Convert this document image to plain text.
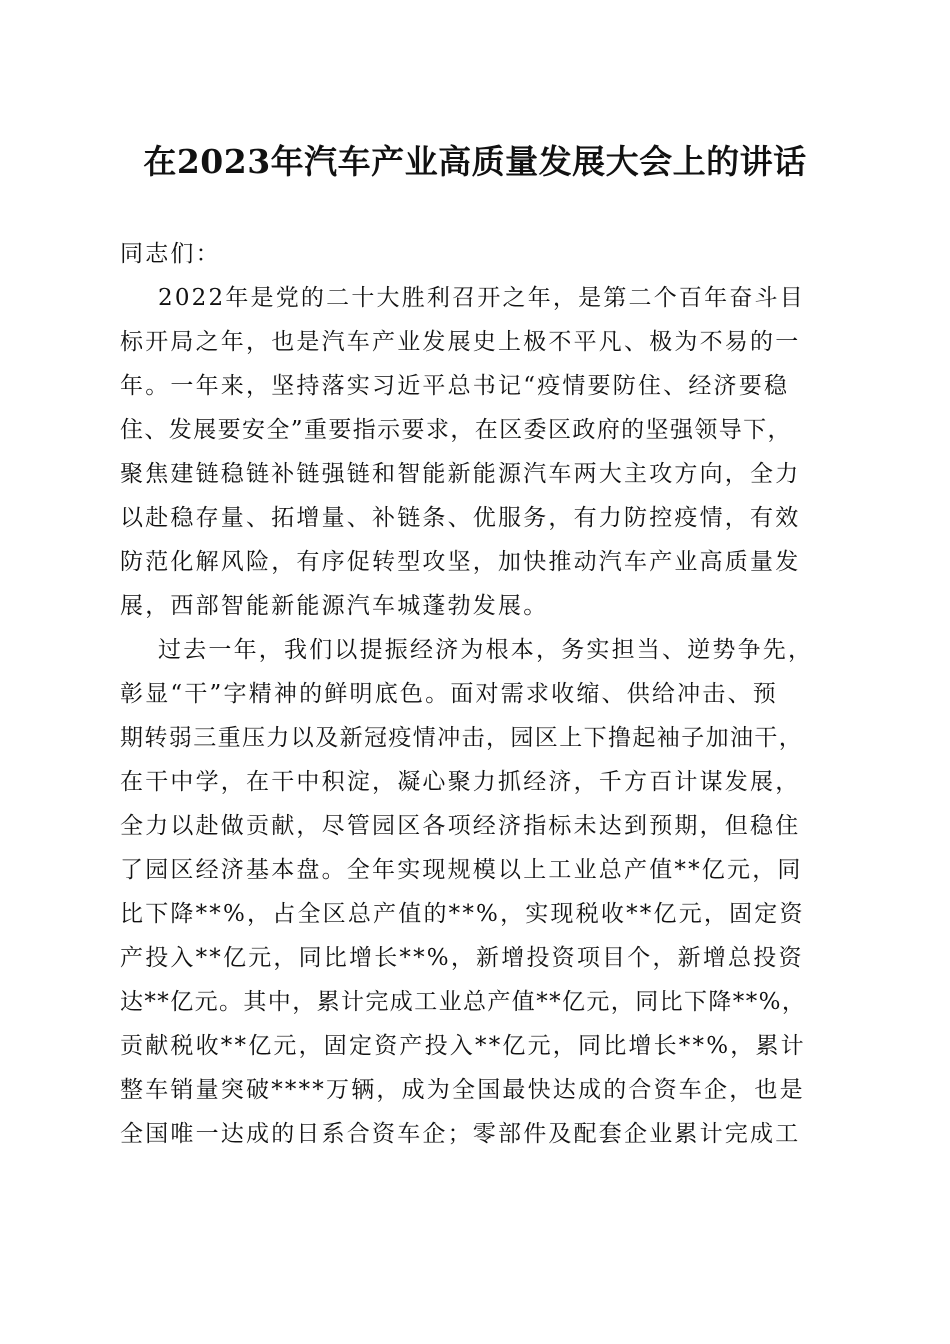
在2023年汽车产业高质量发展大会上的讲话
同志们：
2022年是党的二十大胜利召开之年，是第二个百年奋斗目
标开局之年，也是汽车产业发展史上极不平凡、极为不易的一
年。一年来，坚持落实习近平总书记“疫情要防住、经济要稳
住、发展要安全”重要指示要求，在区委区政府的坚强领导下，
聚焦建链稳链补链强链和智能新能源汽车两大主攻方向，全力
以赴稳存量、拓增量、补链条、优服务，有力防控疫情，有效
防范化解风险，有序促转型攻坚，加快推动汽车产业高质量发
展，西部智能新能源汽车城蓬勃发展。
过去一年，我们以提振经济为根本，务实担当、逆势争先，
彰显“干”字精神的鲜明底色。面对需求收缩、供给冲击、预
期转弱三重压力以及新冠疫情冲击，园区上下撸起袖子加油干，
在干中学，在干中积淀，凝心聚力抓经济，千方百计谋发展，
全力以赴做贡献，尽管园区各项经济指标未达到预期，但稳住
了园区经济基本盘。全年实现规模以上工业总产值**亿元，同
比下降**%，占全区总产值的**%，实现税收**亿元，固定资
产投入**亿元，同比增长**%，新增投资项目个，新增总投资
达**亿元。其中，累计完成工业总产值**亿元，同比下降**%，
贡献税收**亿元，固定资产投入**亿元，同比增长**%，累计
整车销量突破****万辆，成为全国最快达成的合资车企，也是
全国唯一达成的日系合资车企；零部件及配套企业累计完成工
